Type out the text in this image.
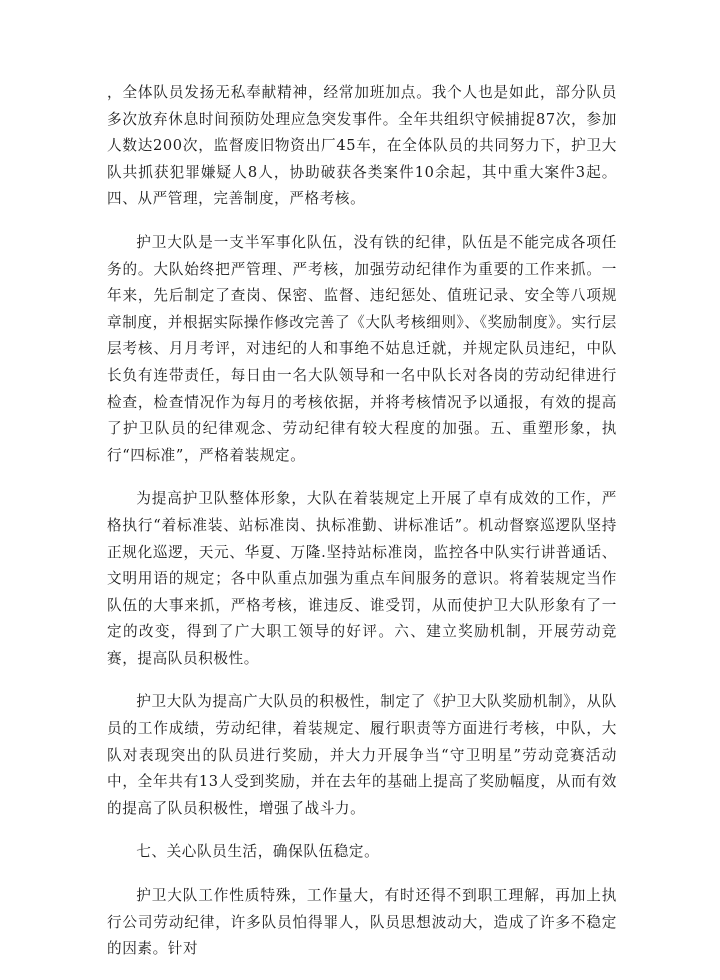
，全体队员发扬无私奉献精神，经常加班加点。我个人也是如此，部分队员多次放弃休息时间预防处理应急突发事件。全年共组织守候捕捉87次，参加人数达200次，监督废旧物资出厂45车，在全体队员的共同努力下，护卫大队共抓获犯罪嫌疑人8人，协助破获各类案件10余起，其中重大案件3起。四、从严管理，完善制度，严格考核。

护卫大队是一支半军事化队伍，没有铁的纪律，队伍是不能完成各项任务的。大队始终把严管理、严考核，加强劳动纪律作为重要的工作来抓。一年来，先后制定了查岗、保密、监督、违纪惩处、值班记录、安全等八项规章制度，并根据实际操作修改完善了《大队考核细则》、《奖励制度》。实行层层考核、月月考评，对违纪的人和事绝不姑息迁就，并规定队员违纪，中队长负有连带责任，每日由一名大队领导和一名中队长对各岗的劳动纪律进行检查，检查情况作为每月的考核依据，并将考核情况予以通报，有效的提高了护卫队员的纪律观念、劳动纪律有较大程度的加强。五、重塑形象，执行“四标准”，严格着装规定。

为提高护卫队整体形象，大队在着装规定上开展了卓有成效的工作，严格执行“着标准装、站标准岗、执标准勤、讲标准话”。机动督察巡逻队坚持正规化巡逻，天元、华夏、万隆.坚持站标准岗，监控各中队实行讲普通话、文明用语的规定；各中队重点加强为重点车间服务的意识。将着装规定当作队伍的大事来抓，严格考核，谁违反、谁受罚，从而使护卫大队形象有了一定的改变，得到了广大职工领导的好评。六、建立奖励机制，开展劳动竞赛，提高队员积极性。

护卫大队为提高广大队员的积极性，制定了《护卫大队奖励机制》，从队员的工作成绩，劳动纪律，着装规定、履行职责等方面进行考核，中队，大队对表现突出的队员进行奖励，并大力开展争当“守卫明星”劳动竞赛活动中，全年共有13人受到奖励，并在去年的基础上提高了奖励幅度，从而有效的提高了队员积极性，增强了战斗力。

七、关心队员生活，确保队伍稳定。

护卫大队工作性质特殊，工作量大，有时还得不到职工理解，再加上执行公司劳动纪律，许多队员怕得罪人，队员思想波动大，造成了许多不稳定的因素。针对
